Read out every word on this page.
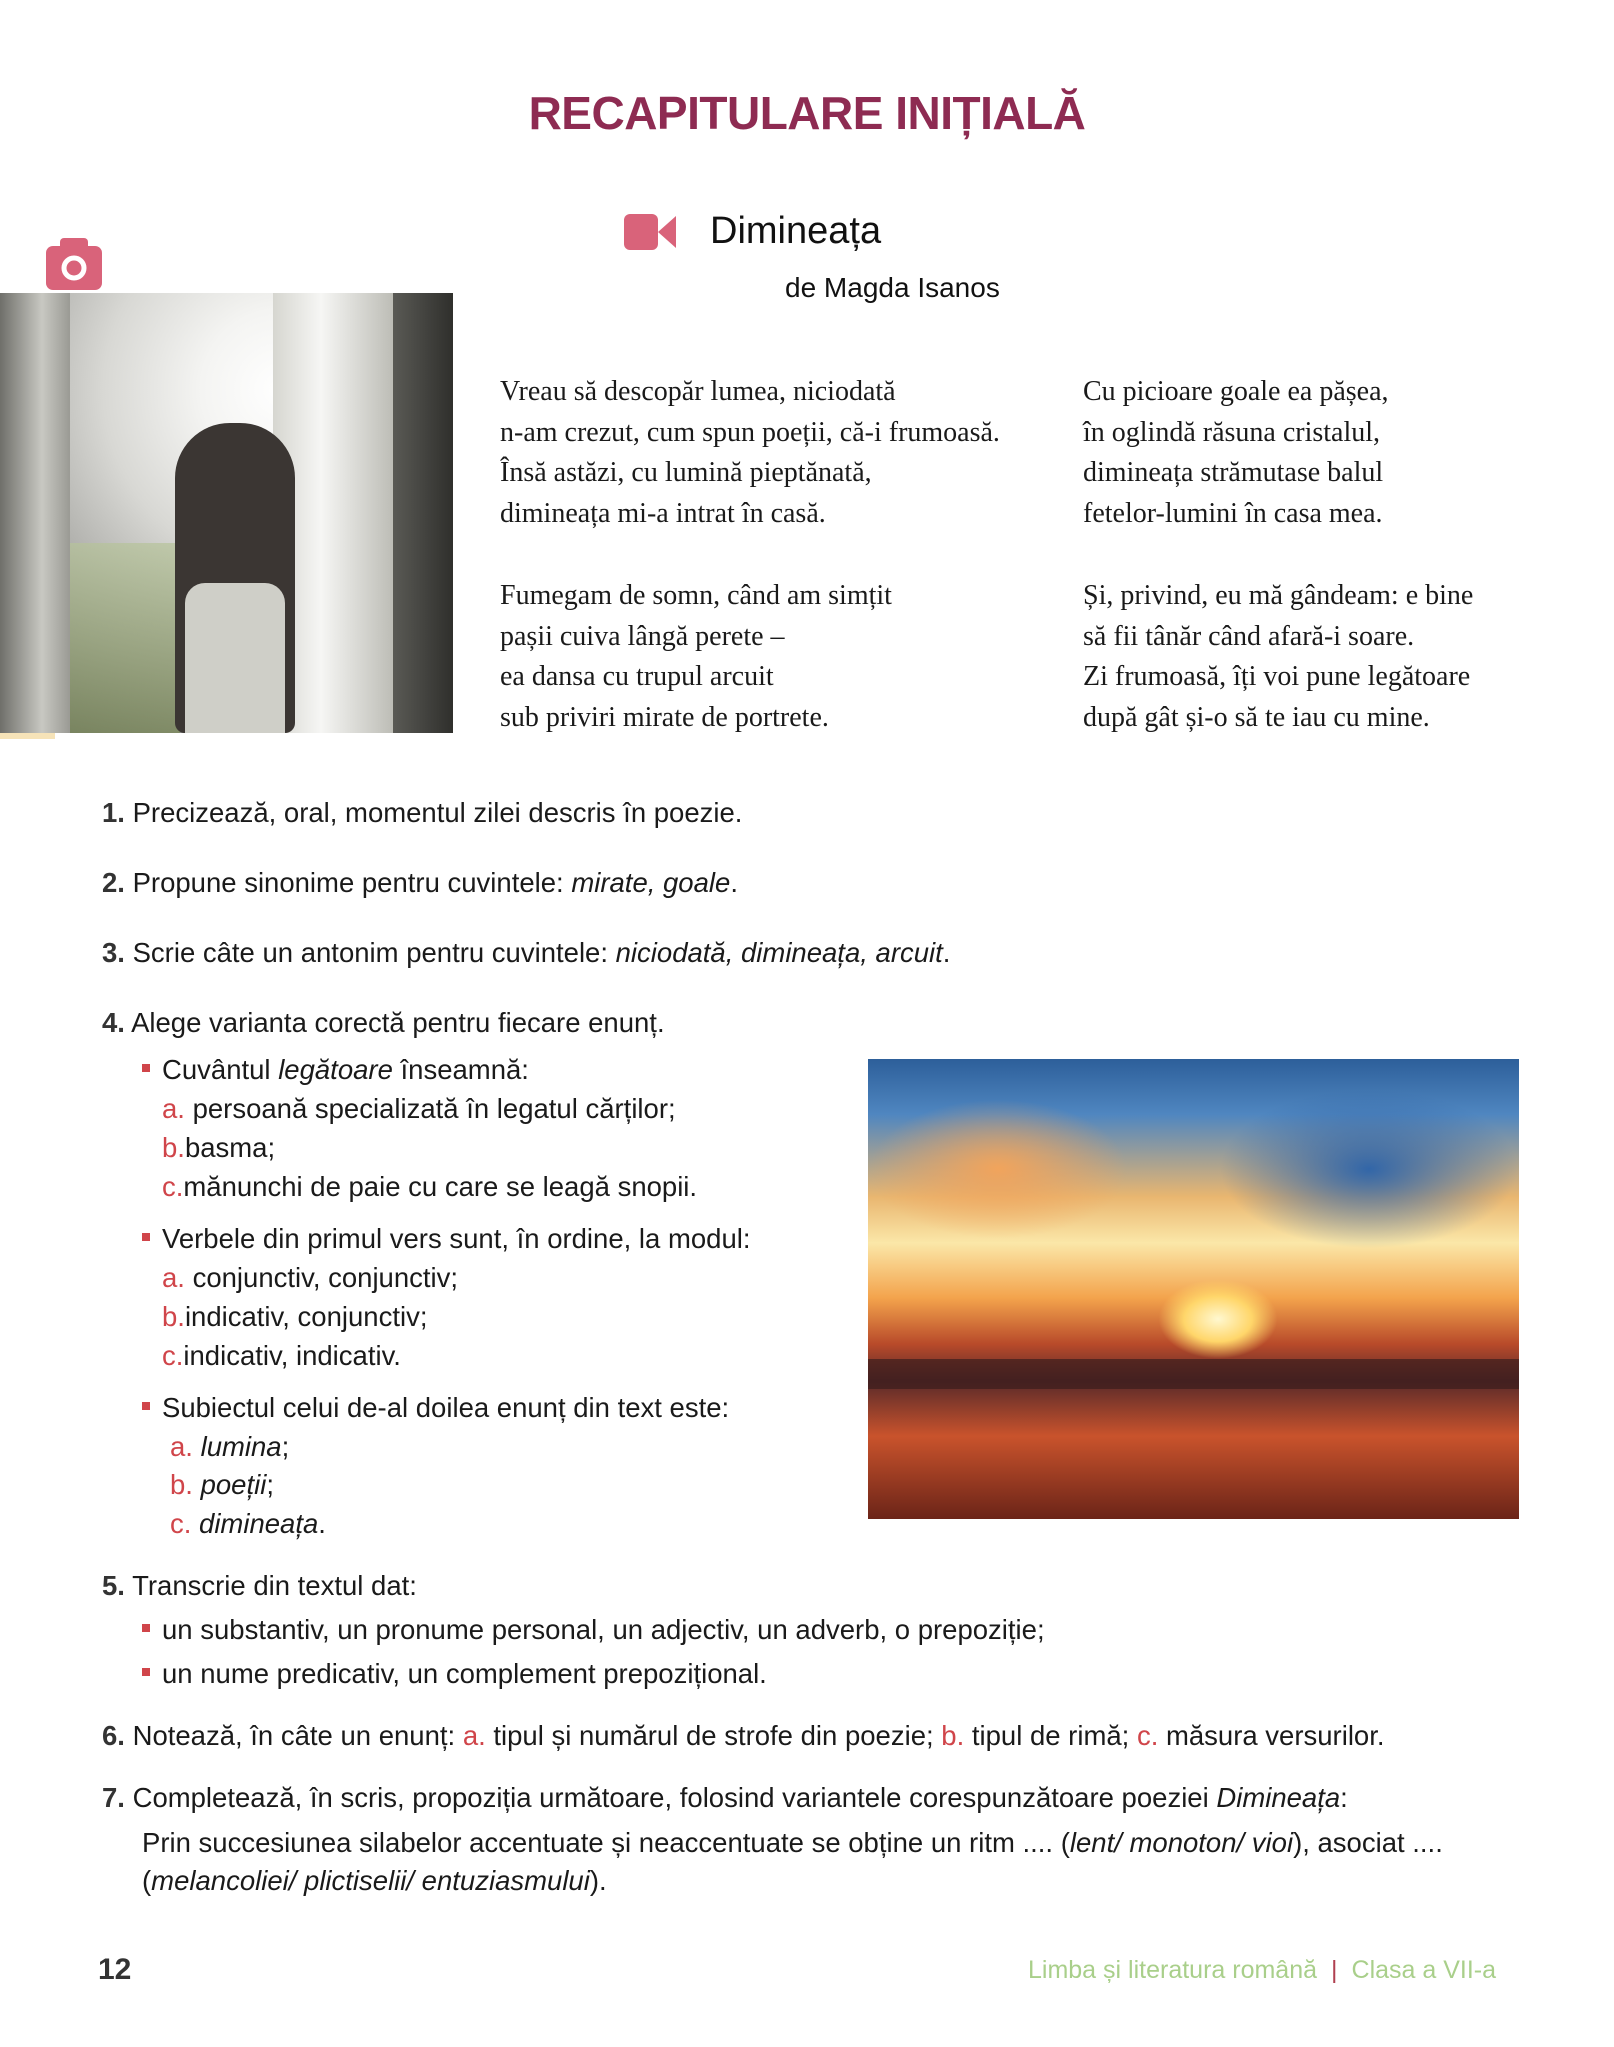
RECAPITULARE INIȚIALĂ
Dimineața
de Magda Isanos
Vreau să descopăr lumea, niciodată
n-am crezut, cum spun poeții, că-i frumoasă.
Însă astăzi, cu lumină pieptănată,
dimineața mi-a intrat în casă.
Fumegam de somn, când am simțit
pașii cuiva lângă perete –
ea dansa cu trupul arcuit
sub priviri mirate de portrete.
Cu picioare goale ea pășea,
în oglindă răsuna cristalul,
dimineața strămutase balul
fetelor-lumini în casa mea.
Și, privind, eu mă gândeam: e bine
să fii tânăr când afară-i soare.
Zi frumoasă, îți voi pune legătoare
după gât și-o să te iau cu mine.
1. Precizează, oral, momentul zilei descris în poezie.
2. Propune sinonime pentru cuvintele: mirate, goale.
3. Scrie câte un antonim pentru cuvintele: niciodată, dimineața, arcuit.
4. Alege varianta corectă pentru fiecare enunț.
Cuvântul legătoare înseamnă:
a. persoană specializată în legatul cărților;
b.basma;
c.mănunchi de paie cu care se leagă snopii.
Verbele din primul vers sunt, în ordine, la modul:
a. conjunctiv, conjunctiv;
b.indicativ, conjunctiv;
c.indicativ, indicativ.
Subiectul celui de-al doilea enunț din text este:
a. lumina;
b. poeții;
c. dimineața.
5. Transcrie din textul dat:
un substantiv, un pronume personal, un adjectiv, un adverb, o prepoziție;
un nume predicativ, un complement prepozițional.
6. Notează, în câte un enunț: a. tipul și numărul de strofe din poezie; b. tipul de rimă; c. măsura versurilor.
7. Completează, în scris, propoziția următoare, folosind variantele corespunzătoare poeziei Dimineața:
Prin succesiunea silabelor accentuate și neaccentuate se obține un ritm .... (lent/ monoton/ vioi), asociat ....
(melancoliei/ plictiselii/ entuziasmului).
12	Limba și literatura română | Clasa a VII-a
